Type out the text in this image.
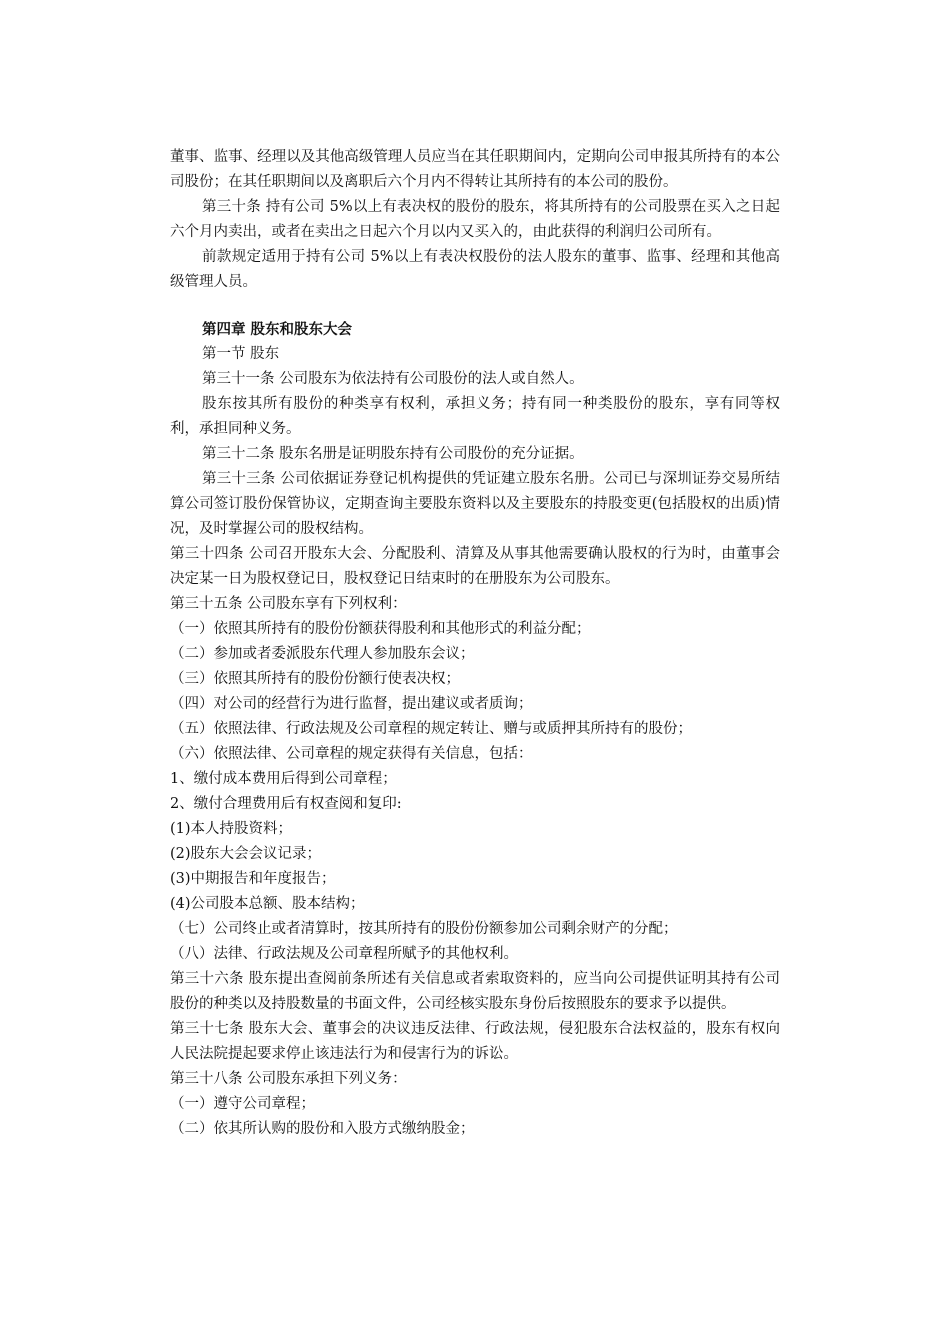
董事、监事、经理以及其他高级管理人员应当在其任职期间内，定期向公司申报其所持有的本公司股份；在其任职期间以及离职后六个月内不得转让其所持有的本公司的股份。

第三十条 持有公司 5%以上有表决权的股份的股东，将其所持有的公司股票在买入之日起六个月内卖出，或者在卖出之日起六个月以内又买入的，由此获得的利润归公司所有。

前款规定适用于持有公司 5%以上有表决权股份的法人股东的董事、监事、经理和其他高级管理人员。

第四章 股东和股东大会

第一节 股东

第三十一条 公司股东为依法持有公司股份的法人或自然人。

股东按其所有股份的种类享有权利，承担义务；持有同一种类股份的股东，享有同等权利，承担同种义务。

第三十二条 股东名册是证明股东持有公司股份的充分证据。

第三十三条 公司依据证券登记机构提供的凭证建立股东名册。公司已与深圳证券交易所结算公司签订股份保管协议，定期查询主要股东资料以及主要股东的持股变更(包括股权的出质)情况，及时掌握公司的股权结构。

第三十四条 公司召开股东大会、分配股利、清算及从事其他需要确认股权的行为时，由董事会决定某一日为股权登记日，股权登记日结束时的在册股东为公司股东。

第三十五条 公司股东享有下列权利：

（一）依照其所持有的股份份额获得股利和其他形式的利益分配；

（二）参加或者委派股东代理人参加股东会议；

（三）依照其所持有的股份份额行使表决权；

（四）对公司的经营行为进行监督，提出建议或者质询；

（五）依照法律、行政法规及公司章程的规定转让、赠与或质押其所持有的股份；

（六）依照法律、公司章程的规定获得有关信息，包括：

1、缴付成本费用后得到公司章程；

2、缴付合理费用后有权查阅和复印:

(1)本人持股资料；

(2)股东大会会议记录；

(3)中期报告和年度报告；

(4)公司股本总额、股本结构；

（七）公司终止或者清算时，按其所持有的股份份额参加公司剩余财产的分配；

（八）法律、行政法规及公司章程所赋予的其他权利。

第三十六条 股东提出查阅前条所述有关信息或者索取资料的，应当向公司提供证明其持有公司股份的种类以及持股数量的书面文件，公司经核实股东身份后按照股东的要求予以提供。

第三十七条 股东大会、董事会的决议违反法律、行政法规，侵犯股东合法权益的，股东有权向人民法院提起要求停止该违法行为和侵害行为的诉讼。

第三十八条 公司股东承担下列义务：

（一）遵守公司章程；

（二）依其所认购的股份和入股方式缴纳股金；
